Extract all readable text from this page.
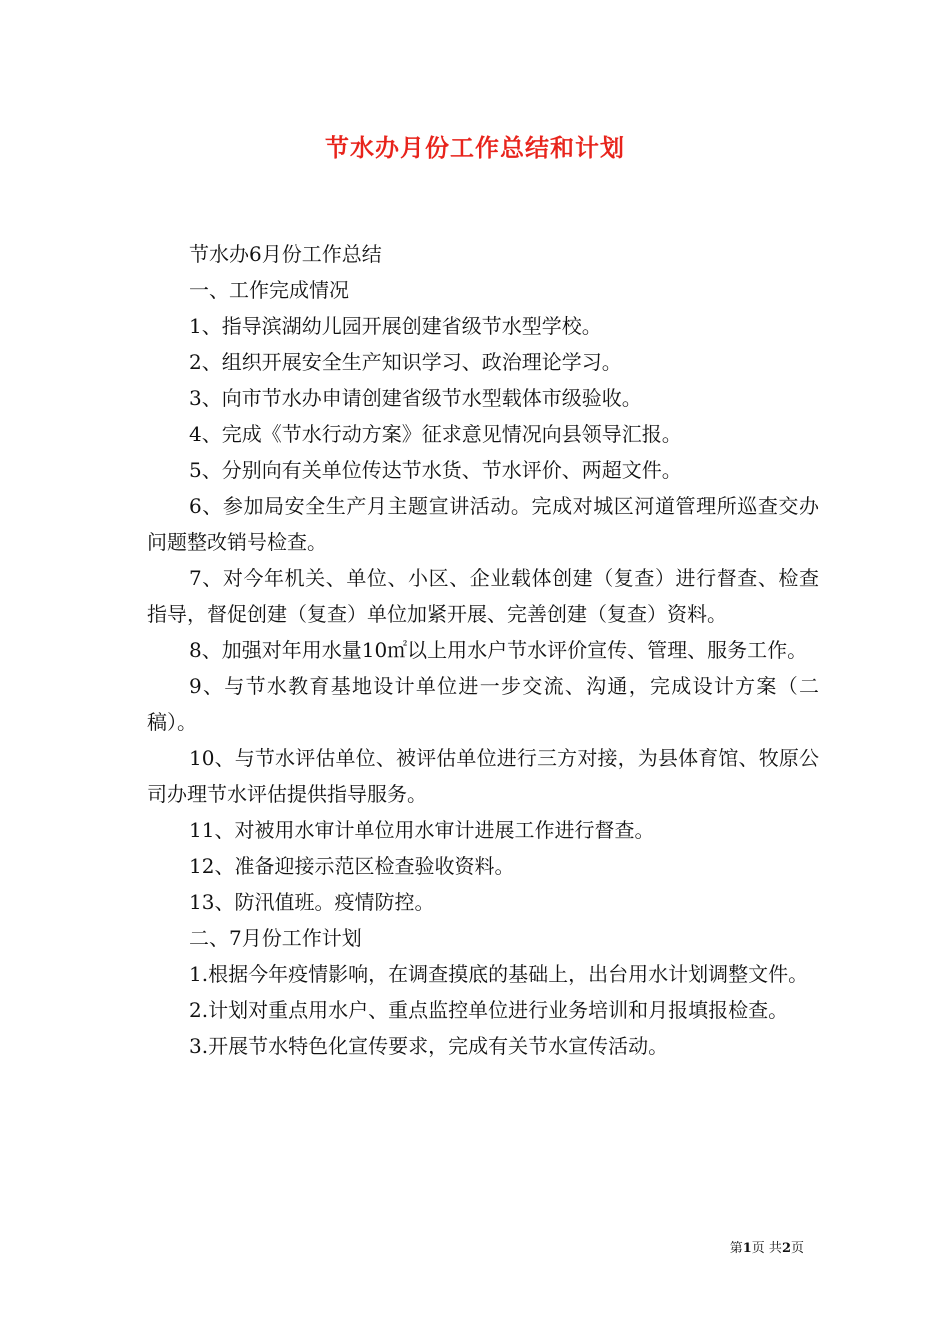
节水办月份工作总结和计划

节水办6月份工作总结

一、工作完成情况

1、指导滨湖幼儿园开展创建省级节水型学校。

2、组织开展安全生产知识学习、政治理论学习。

3、向市节水办申请创建省级节水型载体市级验收。

4、完成《节水行动方案》征求意见情况向县领导汇报。

5、分别向有关单位传达节水货、节水评价、两超文件。

6、参加局安全生产月主题宣讲活动。完成对城区河道管理所巡查交办问题整改销号检查。

7、对今年机关、单位、小区、企业载体创建（复查）进行督查、检查指导，督促创建（复查）单位加紧开展、完善创建（复查）资料。

8、加强对年用水量10㎡以上用水户节水评价宣传、管理、服务工作。

9、与节水教育基地设计单位进一步交流、沟通，完成设计方案（二稿）。

10、与节水评估单位、被评估单位进行三方对接，为县体育馆、牧原公司办理节水评估提供指导服务。

11、对被用水审计单位用水审计进展工作进行督查。

12、准备迎接示范区检查验收资料。

13、防汛值班。疫情防控。

二、7月份工作计划

1.根据今年疫情影响，在调查摸底的基础上，出台用水计划调整文件。

2.计划对重点用水户、重点监控单位进行业务培训和月报填报检查。

3.开展节水特色化宣传要求，完成有关节水宣传活动。

第1页 共2页
